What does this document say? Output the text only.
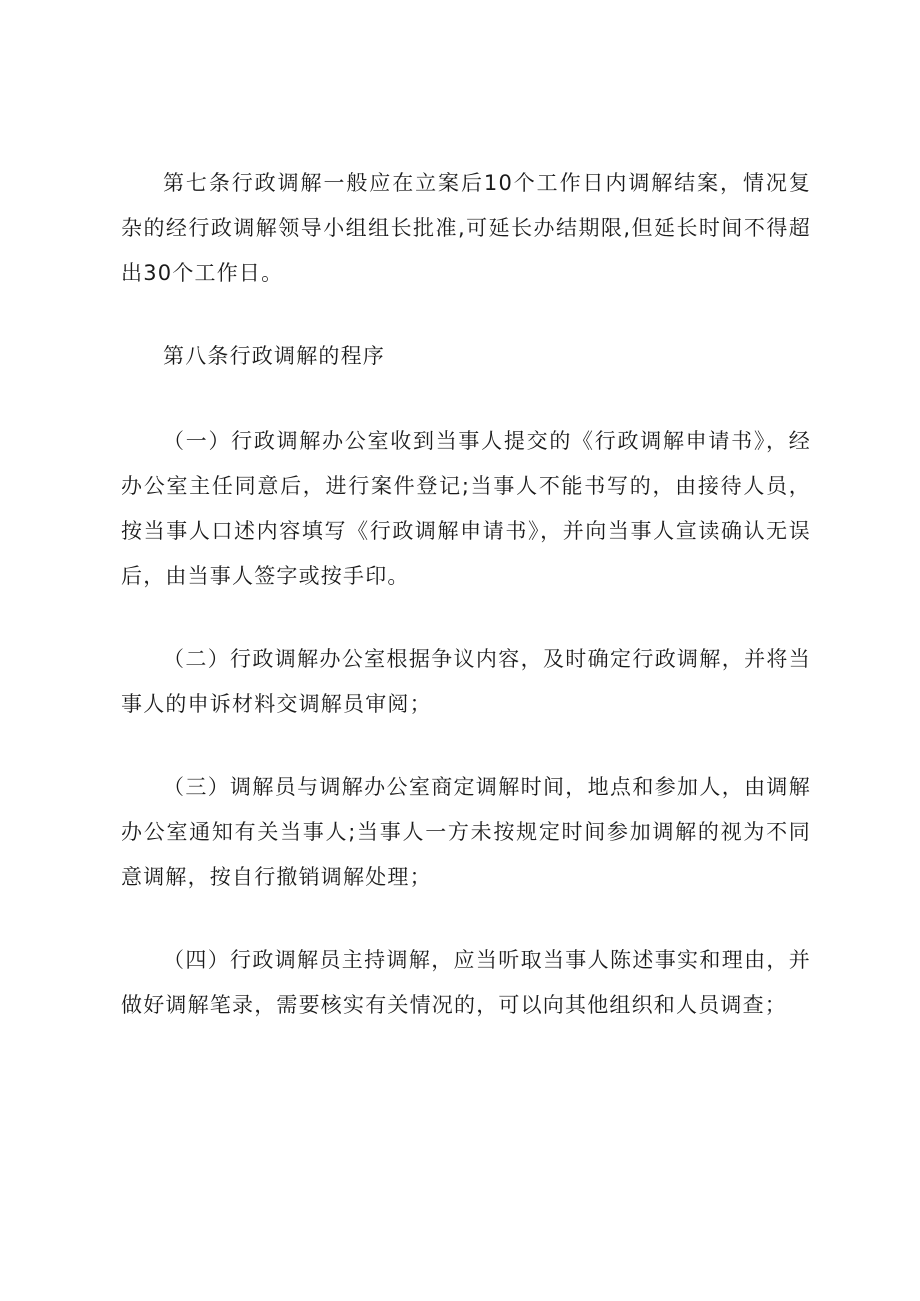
第七条行政调解一般应在立案后10个工作日内调解结案，情况复杂的经行政调解领导小组组长批准,可延长办结期限,但延长时间不得超出30个工作日。

第八条行政调解的程序

（一）行政调解办公室收到当事人提交的《行政调解申请书》，经办公室主任同意后，进行案件登记;当事人不能书写的，由接待人员，按当事人口述内容填写《行政调解申请书》，并向当事人宣读确认无误后，由当事人签字或按手印。

（二）行政调解办公室根据争议内容，及时确定行政调解，并将当事人的申诉材料交调解员审阅；

（三）调解员与调解办公室商定调解时间，地点和参加人，由调解办公室通知有关当事人;当事人一方未按规定时间参加调解的视为不同意调解，按自行撤销调解处理；

（四）行政调解员主持调解，应当听取当事人陈述事实和理由，并做好调解笔录，需要核实有关情况的，可以向其他组织和人员调查；
